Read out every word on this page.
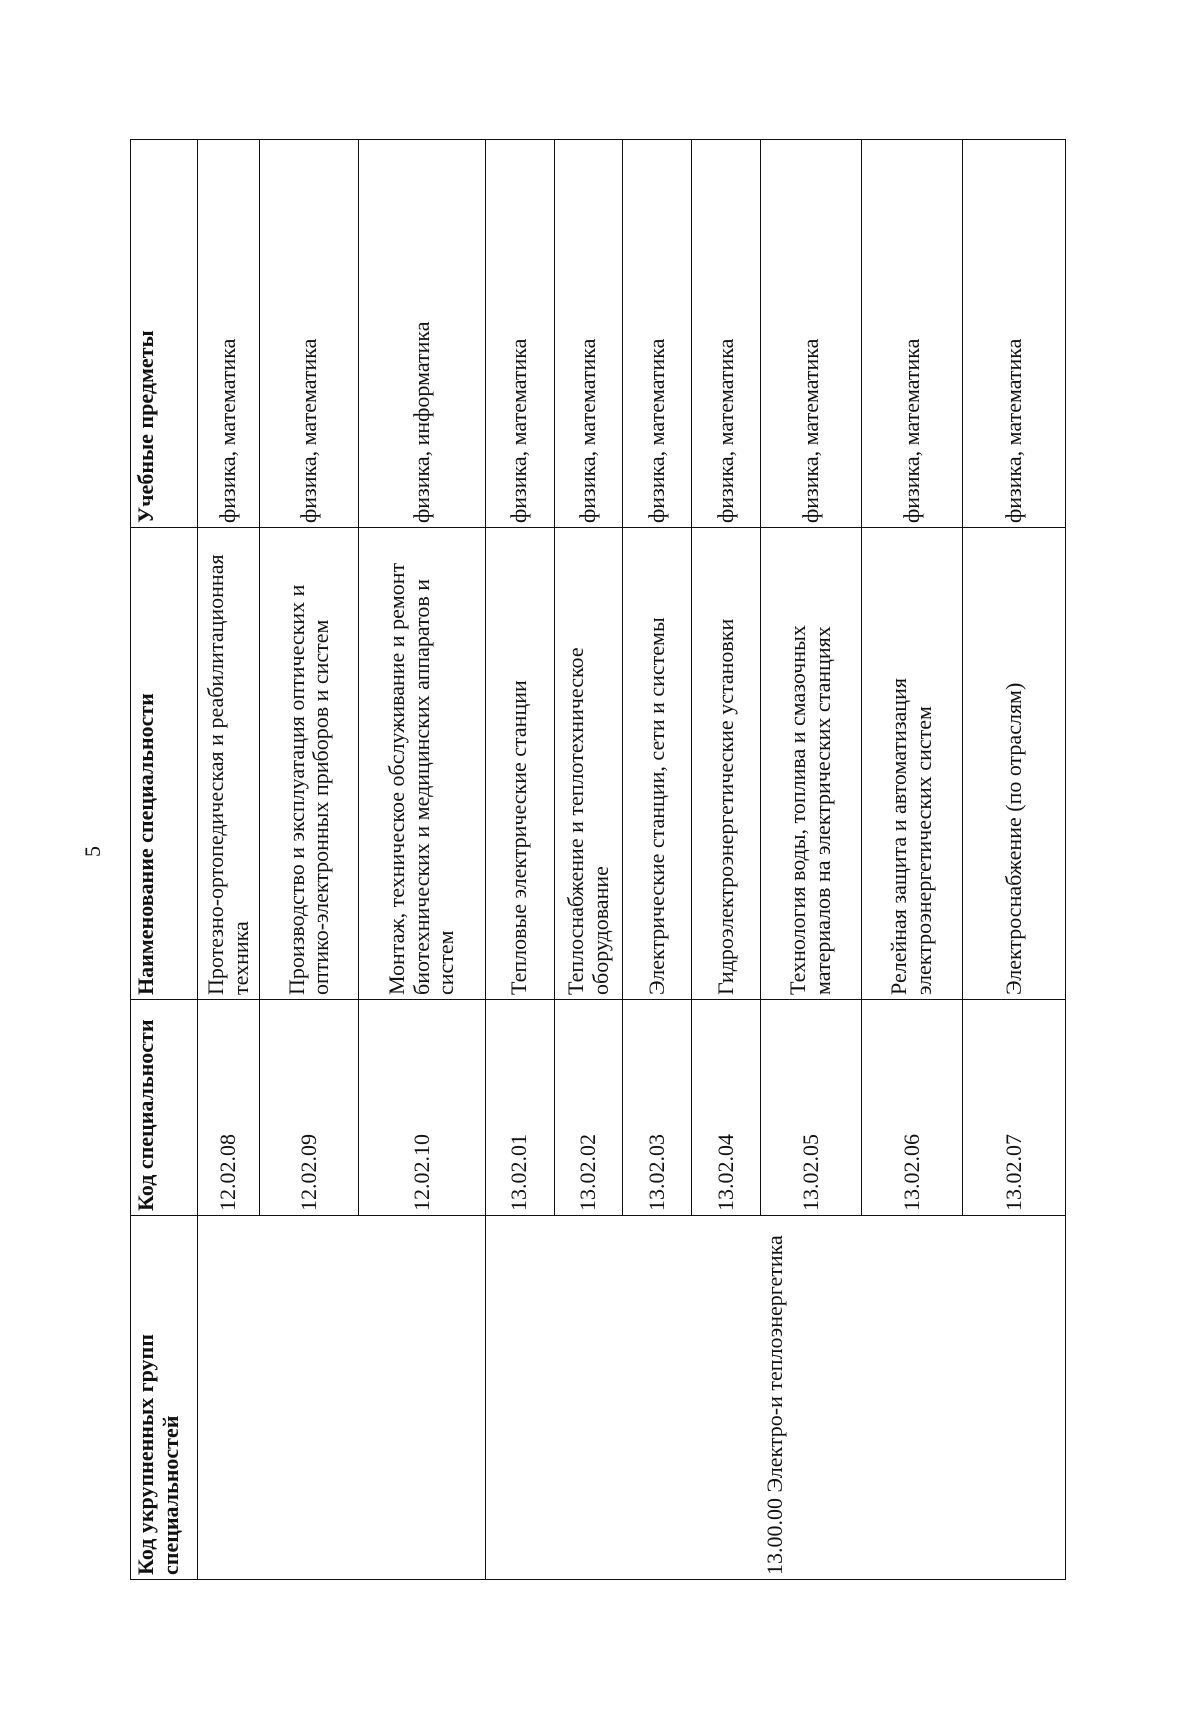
5
Код укрупненных групп специальностей	Код специальности	Наименование специальности	Учебные предметы
	12.02.08	Протезно-ортопедическая и реабилитационная техника	физика, математика
	12.02.09	Производство и эксплуатация оптических и оптико-электронных приборов и систем	физика, математика
	12.02.10	Монтаж, техническое обслуживание и ремонт биотехнических и медицинских аппаратов и систем	физика, информатика
13.00.00 Электро-и теплоэнергетика	13.02.01	Тепловые электрические станции	физика, математика
	13.02.02	Теплоснабжение и теплотехническое оборудование	физика, математика
	13.02.03	Электрические станции, сети и системы	физика, математика
	13.02.04	Гидроэлектроэнергетические установки	физика, математика
	13.02.05	Технология воды, топлива и смазочных материалов на электрических станциях	физика, математика
	13.02.06	Релейная защита и автоматизация электроэнергетических систем	физика, математика
	13.02.07	Электроснабжение (по отраслям)	физика, математика
